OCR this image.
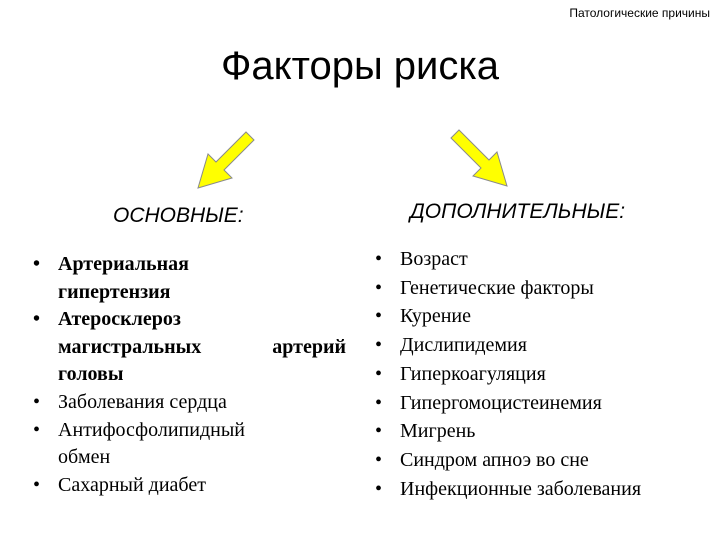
Патологические причины
Факторы риска
ОСНОВНЫЕ:	ДОПОЛНИТЕЛЬНЫЕ:
• Артериальная
гипертензия
• Атеросклероз
магистральных артерий
головы
• Заболевания сердца
• Антифосфолипидный
обмен
• Сахарный диабет
• Возраст
• Генетические факторы
• Курение
• Дислипидемия
• Гиперкоагуляция
• Гипергомоцистеинемия
• Мигрень
• Синдром апноэ во сне
• Инфекционные заболевания
